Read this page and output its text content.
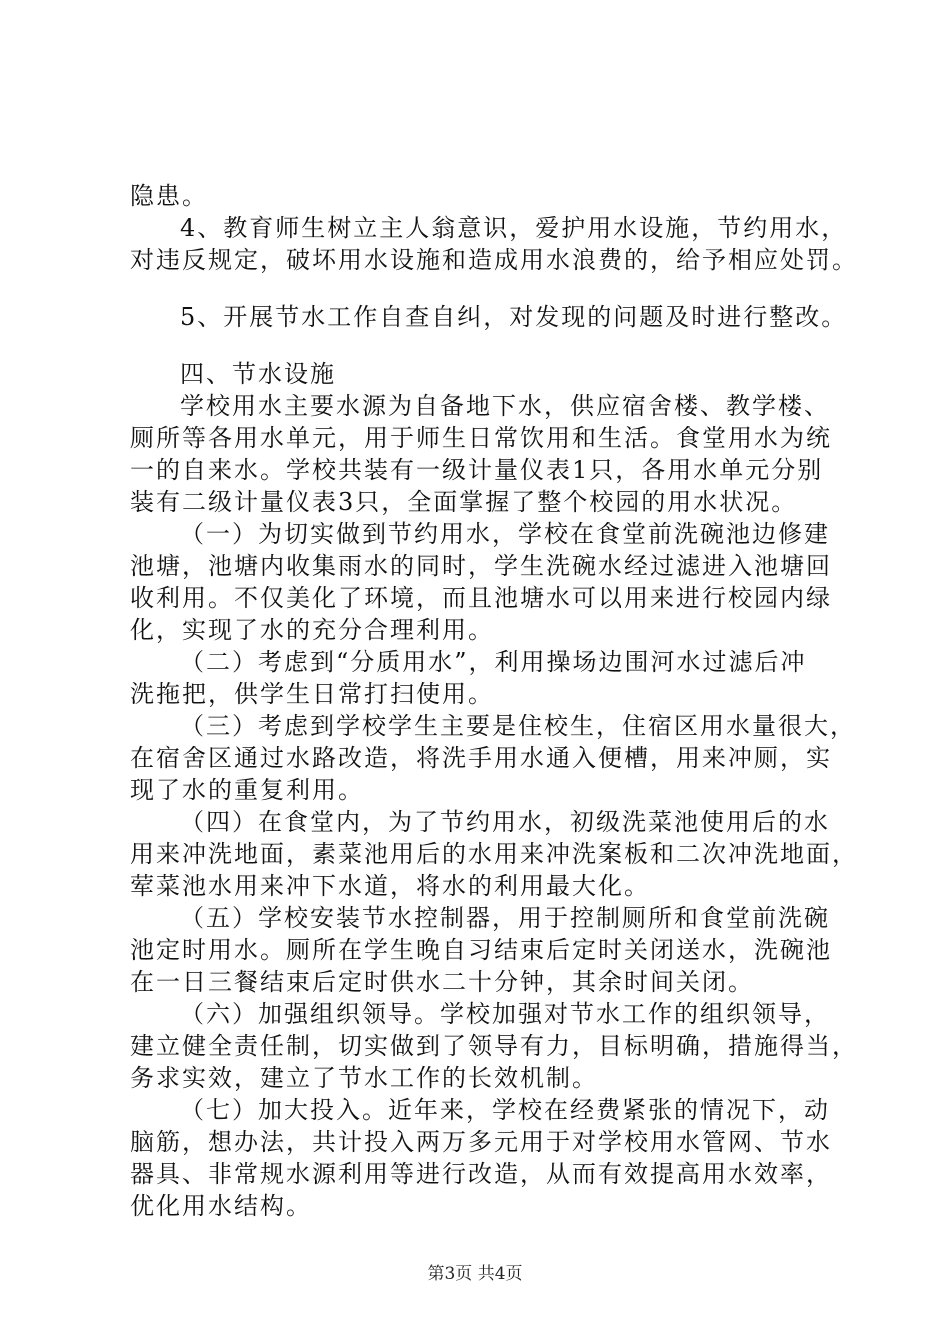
隐患。
4、教育师生树立主人翁意识，爱护用水设施，节约用水，
对违反规定，破坏用水设施和造成用水浪费的，给予相应处罚。
5、开展节水工作自查自纠，对发现的问题及时进行整改。
四、节水设施
学校用水主要水源为自备地下水，供应宿舍楼、教学楼、
厕所等各用水单元，用于师生日常饮用和生活。食堂用水为统
一的自来水。学校共装有一级计量仪表1只，各用水单元分别
装有二级计量仪表3只，全面掌握了整个校园的用水状况。
（一）为切实做到节约用水，学校在食堂前洗碗池边修建
池塘，池塘内收集雨水的同时，学生洗碗水经过滤进入池塘回
收利用。不仅美化了环境，而且池塘水可以用来进行校园内绿
化，实现了水的充分合理利用。
（二）考虑到“分质用水”，利用操场边围河水过滤后冲
洗拖把，供学生日常打扫使用。
（三）考虑到学校学生主要是住校生，住宿区用水量很大，
在宿舍区通过水路改造，将洗手用水通入便槽，用来冲厕，实
现了水的重复利用。
（四）在食堂内，为了节约用水，初级洗菜池使用后的水
用来冲洗地面，素菜池用后的水用来冲洗案板和二次冲洗地面，
荤菜池水用来冲下水道，将水的利用最大化。
（五）学校安装节水控制器，用于控制厕所和食堂前洗碗
池定时用水。厕所在学生晚自习结束后定时关闭送水，洗碗池
在一日三餐结束后定时供水二十分钟，其余时间关闭。
（六）加强组织领导。学校加强对节水工作的组织领导，
建立健全责任制，切实做到了领导有力，目标明确，措施得当，
务求实效，建立了节水工作的长效机制。
（七）加大投入。近年来，学校在经费紧张的情况下，动
脑筋，想办法，共计投入两万多元用于对学校用水管网、节水
器具、非常规水源利用等进行改造，从而有效提高用水效率，
优化用水结构。
第3页 共4页
